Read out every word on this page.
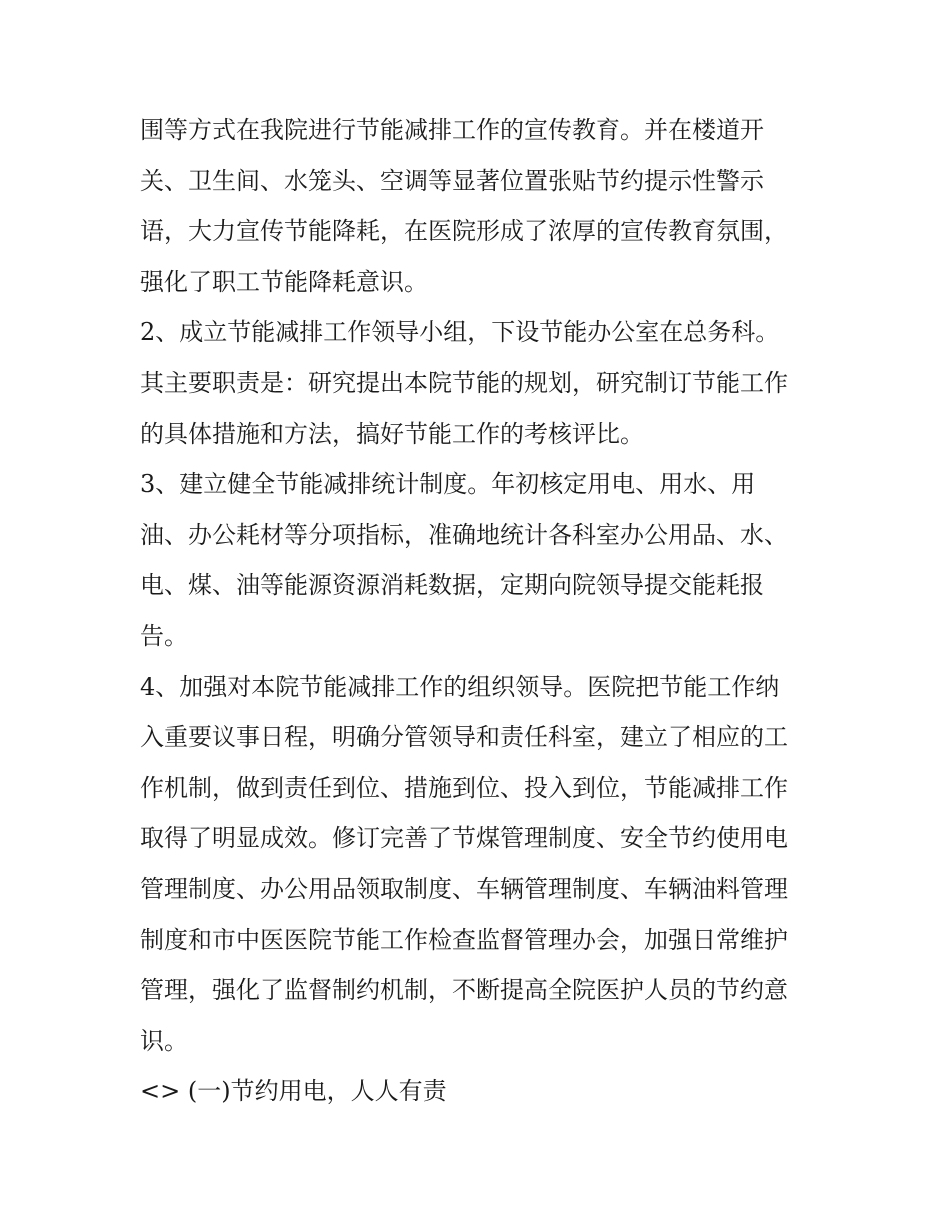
围等方式在我院进行节能减排工作的宣传教育。并在楼道开
关、卫生间、水笼头、空调等显著位置张贴节约提示性警示
语，大力宣传节能降耗，在医院形成了浓厚的宣传教育氛围，
强化了职工节能降耗意识。
2、成立节能减排工作领导小组，下设节能办公室在总务科。
其主要职责是：研究提出本院节能的规划，研究制订节能工作
的具体措施和方法，搞好节能工作的考核评比。
3、建立健全节能减排统计制度。年初核定用电、用水、用
油、办公耗材等分项指标，准确地统计各科室办公用品、水、
电、煤、油等能源资源消耗数据，定期向院领导提交能耗报
告。
4、加强对本院节能减排工作的组织领导。医院把节能工作纳
入重要议事日程，明确分管领导和责任科室，建立了相应的工
作机制，做到责任到位、措施到位、投入到位，节能减排工作
取得了明显成效。修订完善了节煤管理制度、安全节约使用电
管理制度、办公用品领取制度、车辆管理制度、车辆油料管理
制度和市中医医院节能工作检查监督管理办会，加强日常维护
管理，强化了监督制约机制，不断提高全院医护人员的节约意
识。
<> (一)节约用电，人人有责
